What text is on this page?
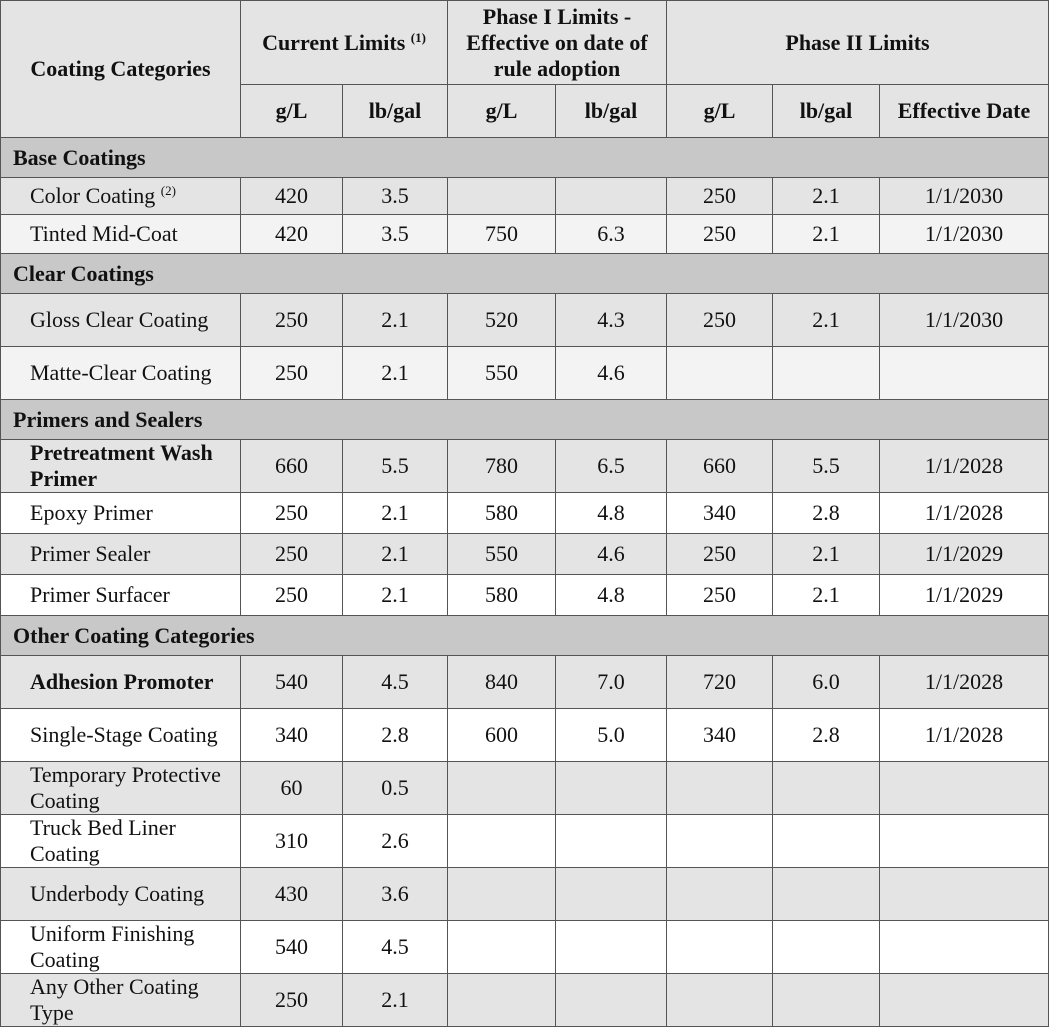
Coating Categories	Current Limits $^{(1)}$		Phase I Limits - Effective on date of rule adoption		Phase II Limits		
	g/L	lb/gal	g/L	lb/gal	g/L	lb/gal	Effective Date
Base Coatings							
Color Coating $^{(2)}$	420	3.5			250	2.1	1/1/2030
Tinted Mid-Coat	420	3.5	750	6.3	250	2.1	1/1/2030
Clear Coatings							
Gloss Clear Coating	250	2.1	520	4.3	250	2.1	1/1/2030
Matte-Clear Coating	250	2.1	550	4.6			
Primers and Sealers							
Pretreatment Wash Primer	660	5.5	780	6.5	660	5.5	1/1/2028
Epoxy Primer	250	2.1	580	4.8	340	2.8	1/1/2028
Primer Sealer	250	2.1	550	4.6	250	2.1	1/1/2029
Primer Surfacer	250	2.1	580	4.8	250	2.1	1/1/2029
Other Coating Categories							
Adhesion Promoter	540	4.5	840	7.0	720	6.0	1/1/2028
Single-Stage Coating	340	2.8	600	5.0	340	2.8	1/1/2028
Temporary Protective Coating	60	0.5					
Truck Bed Liner Coating	310	2.6					
Underbody Coating	430	3.6					
Uniform Finishing Coating	540	4.5					
Any Other Coating Type	250	2.1					
